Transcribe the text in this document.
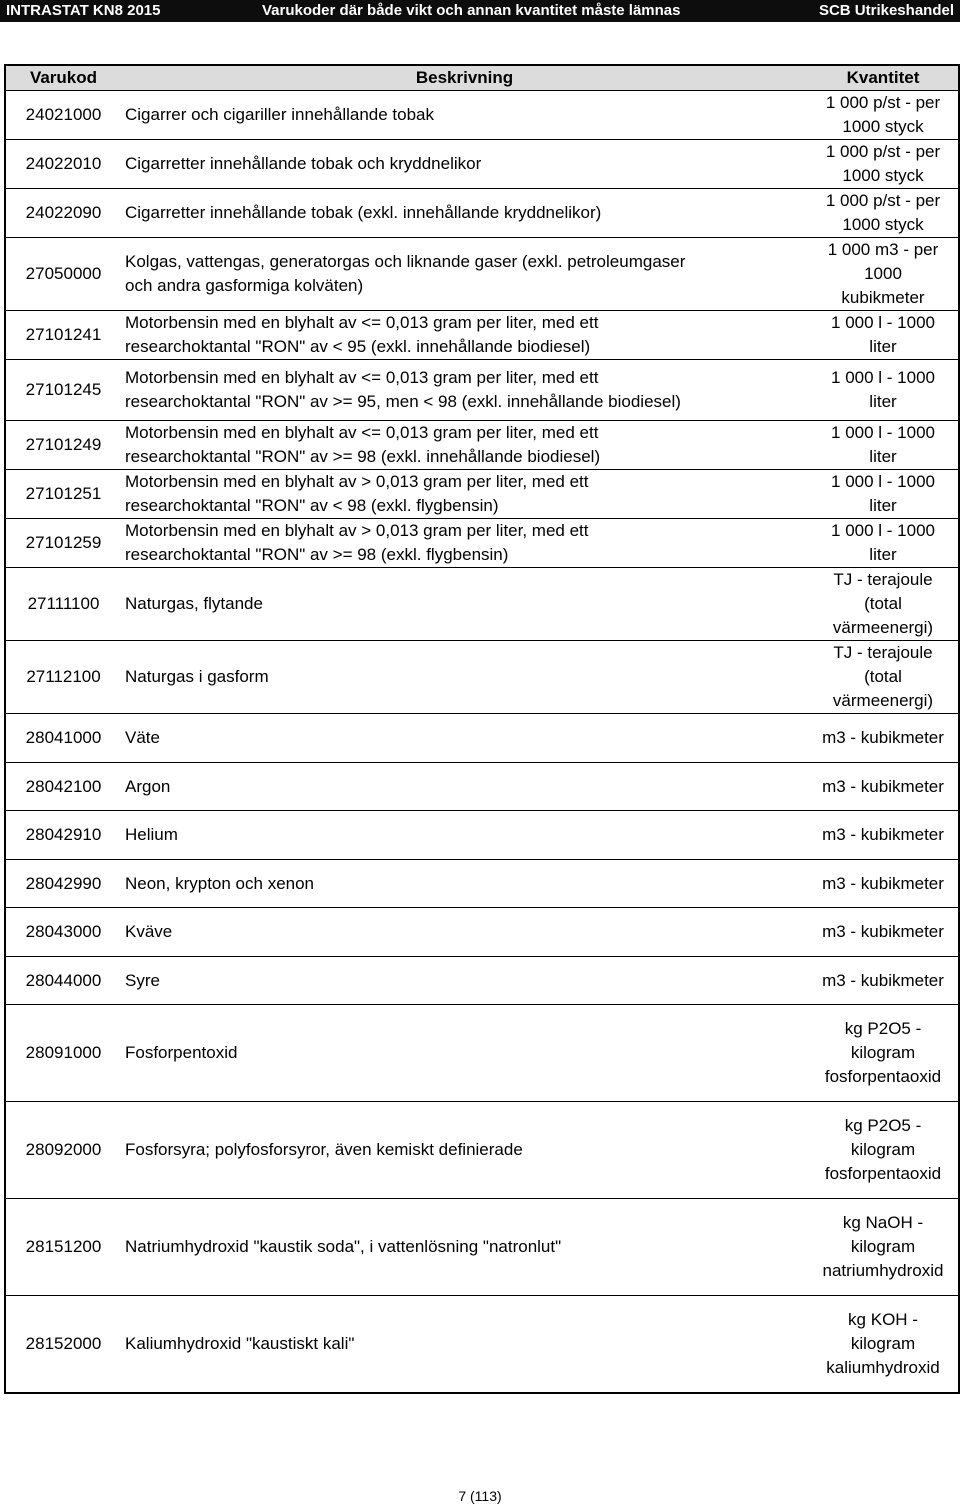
INTRASTAT KN8 2015	Varukoder där både vikt och annan kvantitet måste lämnas	SCB Utrikeshandel
Varukod	Beskrivning	Kvantitet
24021000	Cigarrer och cigariller innehållande tobak	1 000 p/st - per
1000 styck
24022010	Cigarretter innehållande tobak och kryddnelikor	1 000 p/st - per
1000 styck
24022090	Cigarretter innehållande tobak (exkl. innehållande kryddnelikor)	1 000 p/st - per
1000 styck
27050000	Kolgas, vattengas, generatorgas och liknande gaser (exkl. petroleumgaser
och andra gasformiga kolväten)	1 000 m3 - per
1000
kubikmeter
27101241	Motorbensin med en blyhalt av <= 0,013 gram per liter, med ett
researchoktantal "RON" av < 95 (exkl. innehållande biodiesel)	1 000 l - 1000
liter
27101245	Motorbensin med en blyhalt av <= 0,013 gram per liter, med ett
researchoktantal "RON" av >= 95, men < 98 (exkl. innehållande biodiesel)	1 000 l - 1000
liter
27101249	Motorbensin med en blyhalt av <= 0,013 gram per liter, med ett
researchoktantal "RON" av >= 98 (exkl. innehållande biodiesel)	1 000 l - 1000
liter
27101251	Motorbensin med en blyhalt av > 0,013 gram per liter, med ett
researchoktantal "RON" av < 98 (exkl. flygbensin)	1 000 l - 1000
liter
27101259	Motorbensin med en blyhalt av > 0,013 gram per liter, med ett
researchoktantal "RON" av >= 98 (exkl. flygbensin)	1 000 l - 1000
liter
27111100	Naturgas, flytande	TJ - terajoule
(total
värmeenergi)
27112100	Naturgas i gasform	TJ - terajoule
(total
värmeenergi)
28041000	Väte	m3 - kubikmeter
28042100	Argon	m3 - kubikmeter
28042910	Helium	m3 - kubikmeter
28042990	Neon, krypton och xenon	m3 - kubikmeter
28043000	Kväve	m3 - kubikmeter
28044000	Syre	m3 - kubikmeter
28091000	Fosforpentoxid	kg P2O5 -
kilogram
fosforpentaoxid
28092000	Fosforsyra; polyfosforsyror, även kemiskt definierade	kg P2O5 -
kilogram
fosforpentaoxid
28151200	Natriumhydroxid "kaustik soda", i vattenlösning "natronlut"	kg NaOH -
kilogram
natriumhydroxid
28152000	Kaliumhydroxid "kaustiskt kali"	kg KOH -
kilogram
kaliumhydroxid
7 (113)
